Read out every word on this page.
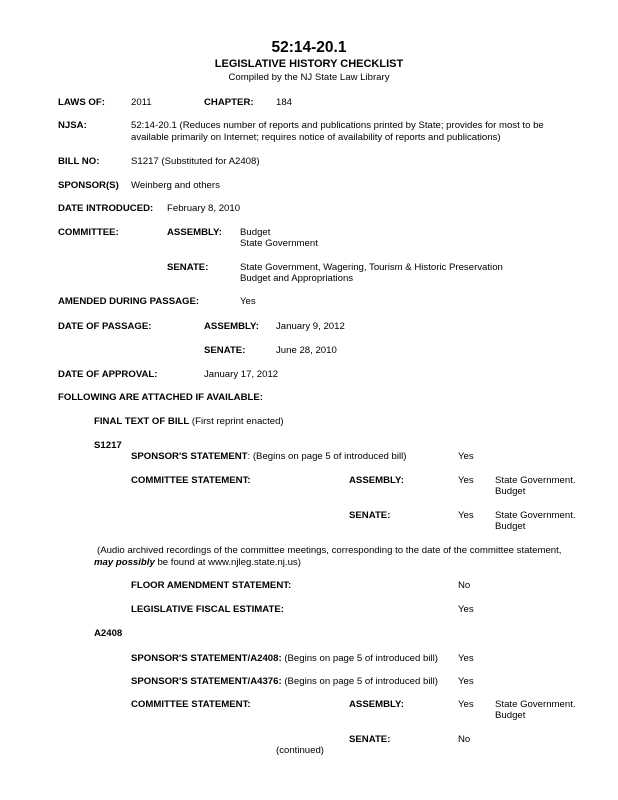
52:14-20.1
LEGISLATIVE HISTORY CHECKLIST
Compiled by the NJ State Law Library
LAWS OF:	2011	CHAPTER: 184
NJSA:	52:14-20.1 (Reduces number of reports and publications printed by State; provides for most to be available primarily on Internet; requires notice of availability of reports and publications)
BILL NO:	S1217 (Substituted for A2408)
SPONSOR(S) Weinberg and others
DATE INTRODUCED: February 8, 2010
COMMITTEE:	ASSEMBLY: Budget
State Government
SENATE:	State Government, Wagering, Tourism & Historic Preservation
Budget and Appropriations
AMENDED DURING PASSAGE:	Yes
DATE OF PASSAGE:	ASSEMBLY: January 9, 2012
SENATE:	June 28, 2010
DATE OF APPROVAL:	January 17, 2012
FOLLOWING ARE ATTACHED IF AVAILABLE:
FINAL TEXT OF BILL (First reprint enacted)
S1217
SPONSOR'S STATEMENT: (Begins on page 5 of introduced bill)	Yes
COMMITTEE STATEMENT:	ASSEMBLY:	Yes State Government.
Budget
SENATE:	Yes State Government.
Budget
(Audio archived recordings of the committee meetings, corresponding to the date of the committee statement, may possibly be found at www.njleg.state.nj.us)
FLOOR AMENDMENT STATEMENT:	No
LEGISLATIVE FISCAL ESTIMATE:	Yes
A2408
SPONSOR'S STATEMENT/A2408: (Begins on page 5 of introduced bill) Yes
SPONSOR'S STATEMENT/A4376: (Begins on page 5 of introduced bill) Yes
COMMITTEE STATEMENT:	ASSEMBLY:	Yes State Government.
Budget
SENATE:	No
(continued)
